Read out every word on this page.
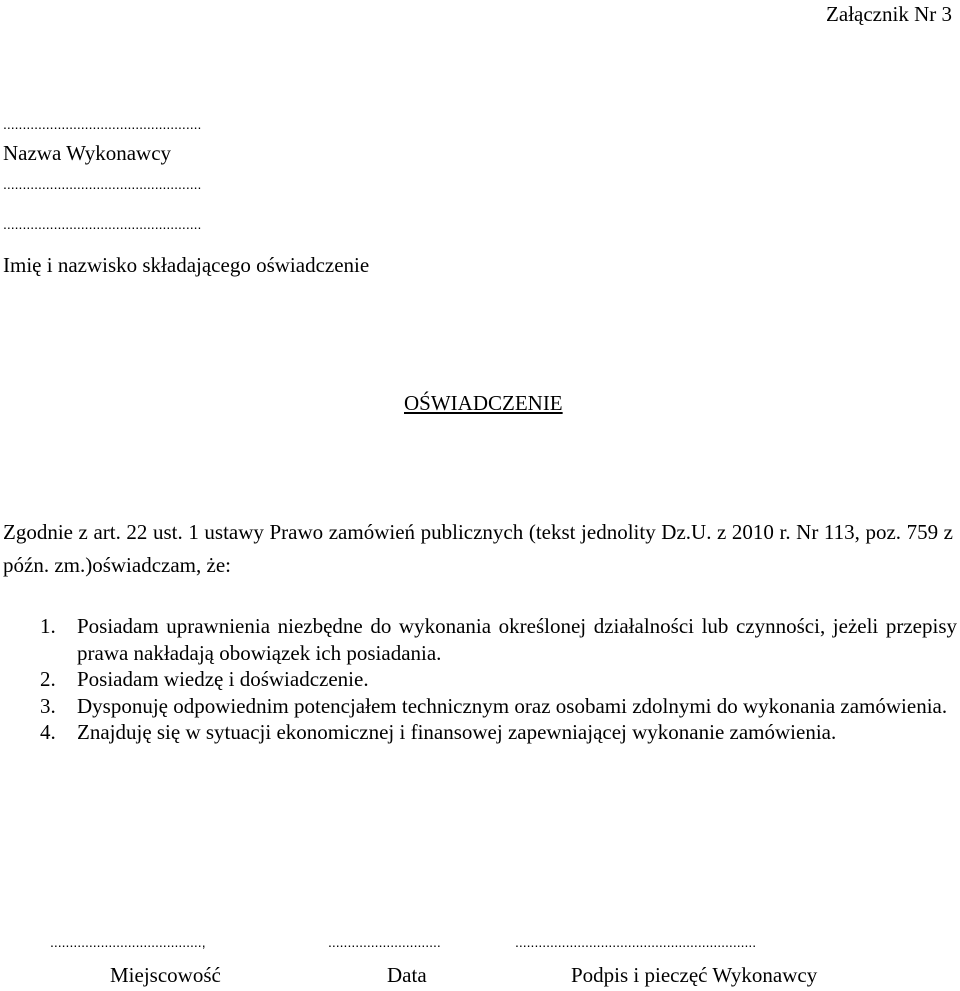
Załącznik Nr 3
...................................................
Nazwa Wykonawcy
...................................................
...................................................
Imię i nazwisko składającego oświadczenie
OŚWIADCZENIE
Zgodnie z art. 22 ust. 1 ustawy Prawo zamówień publicznych (tekst jednolity Dz.U. z 2010 r. Nr 113, poz. 759 z późn. zm.)oświadczam, że:
1. Posiadam uprawnienia niezbędne do wykonania określonej działalności lub czynności, jeżeli przepisy prawa nakładają obowiązek ich posiadania.
2. Posiadam wiedzę i doświadczenie.
3. Dysponuję odpowiednim potencjałem technicznym oraz osobami zdolnymi do wykonania zamówienia.
4. Znajduję się w sytuacji ekonomicznej i finansowej zapewniającej wykonanie zamówienia.
.......................................,	.............................	..............................................................
Miejscowość	Data	Podpis i pieczęć Wykonawcy
